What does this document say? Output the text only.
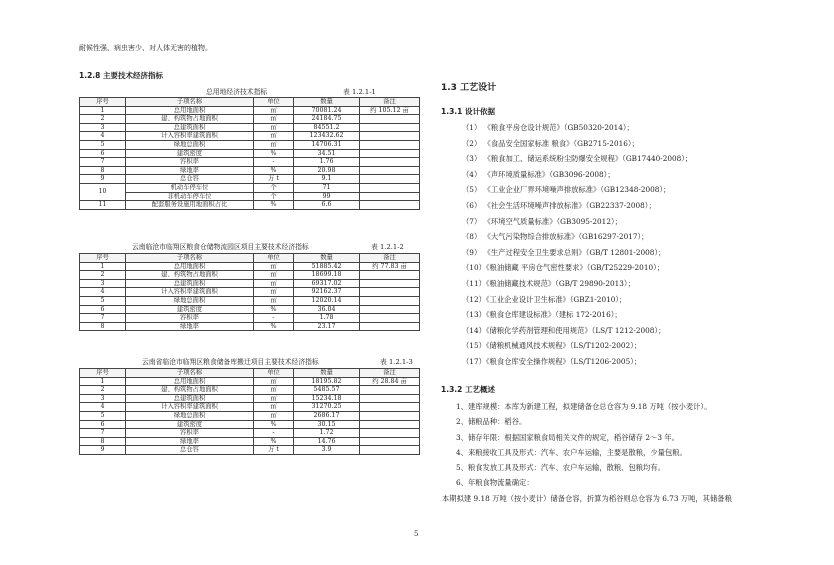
耐候性强、病虫害少、对人体无害的植物。
1.2.8 主要技术经济指标
总用地经济技术指标	表 1.2.1-1
序号	子项名称	单位	数量	备注
1	总用地面积	㎡	70081.24	约 105.12 亩
2	建、构筑物占地面积	㎡	24184.75	
3	总建筑面积	㎡	84551.2	
4	计入容积率建筑面积	㎡	123432.62	
5	绿地总面积	㎡	14706.31	
6	建筑密度	%	34.51	
7	容积率	-	1.76	
8	绿地率	%	20.98	
9	总仓容	万 t	9.1	
10	机动车停车位	个	71	
	非机动车停车位	个	99	
11	配套服务设施用地面积占比	%	6.6	
云南临沧市临翔区粮食仓储物流园区项目主要技术经济指标	表 1.2.1-2
序号	子项名称	单位	数量	备注
1	总用地面积	㎡	51885.42	约 77.83 亩
2	建、构筑物占地面积	㎡	18699.18	
3	总建筑面积	㎡	69317.02	
4	计入容积率建筑面积	㎡	92162.37	
5	绿地总面积	㎡	12020.14	
6	建筑密度	%	36.04	
7	容积率	-	1.78	
8	绿地率	%	23.17	
云南省临沧市临翔区粮食储备库搬迁项目主要技术经济指标	表 1.2.1-3
序号	子项名称	单位	数量	备注
1	总用地面积	㎡	18195.82	约 28.84 亩
2	建、构筑物占地面积	㎡	5485.57	
3	总建筑面积	㎡	15234.18	
4	计入容积率建筑面积	㎡	31270.25	
5	绿地总面积	㎡	2686.17	
6	建筑密度	%	30.15	
7	容积率	-	1.72	
8	绿地率	%	14.76	
9	总仓容	万 t	3.9	
1.3 工艺设计
1.3.1 设计依据
（1） 《粮食平房仓设计规范》（GB50320-2014）；
（2） 《食品安全国家标准 粮食》（GB2715-2016）；
（3） 《粮食加工、储运系统粉尘防爆安全规程》（GB17440-2008）；
（4） 《声环境质量标准》（GB3096-2008）；
（5） 《工业企业厂界环境噪声排放标准》（GB12348-2008）；
（6） 《社会生活环境噪声排放标准》（GB22337-2008）；
（7） 《环境空气质量标准》（GB3095-2012）；
（8） 《大气污染物综合排放标准》（GB16297-2017）；
（9） 《生产过程安全卫生要求总则》（GB/T 12801-2008）；
（10）《粮油储藏 平房仓气密性要求》（GB/T25229-2010）；
（11）《粮油储藏技术规范》（GB/T 29890-2013）；
（12）《工业企业设计卫生标准》（GBZ1-2010）；
（13）《粮食仓库建设标准》（建标 172-2016）；
（14）《储粮化学药剂管理和使用规范》（LS/T 1212-2008）；
（15）《储粮机械通风技术规程》（LS/T1202-2002）；
（17）《粮食仓库安全操作规程》（LS/T1206-2005）；
1.3.2 工艺概述
1、建库规模：本库为新建工程，拟建储备仓总仓容为 9.18 万吨（按小麦计）。
2、储粮品种：稻谷。
3、储存年限：根据国家粮食局相关文件的规定，稻谷储存 2～3 年。
4、来粮接收工具及形式：汽车、农户车运输，主要是散粮，少量包粮。
5、粮食发放工具及形式：汽车、农户车运输，散粮、包粮均有。
6、年粮食物流量确定：
本期拟建 9.18 万吨（按小麦计）储备仓容，折算为稻谷则总仓容为 6.73 万吨，其储备粮
5
